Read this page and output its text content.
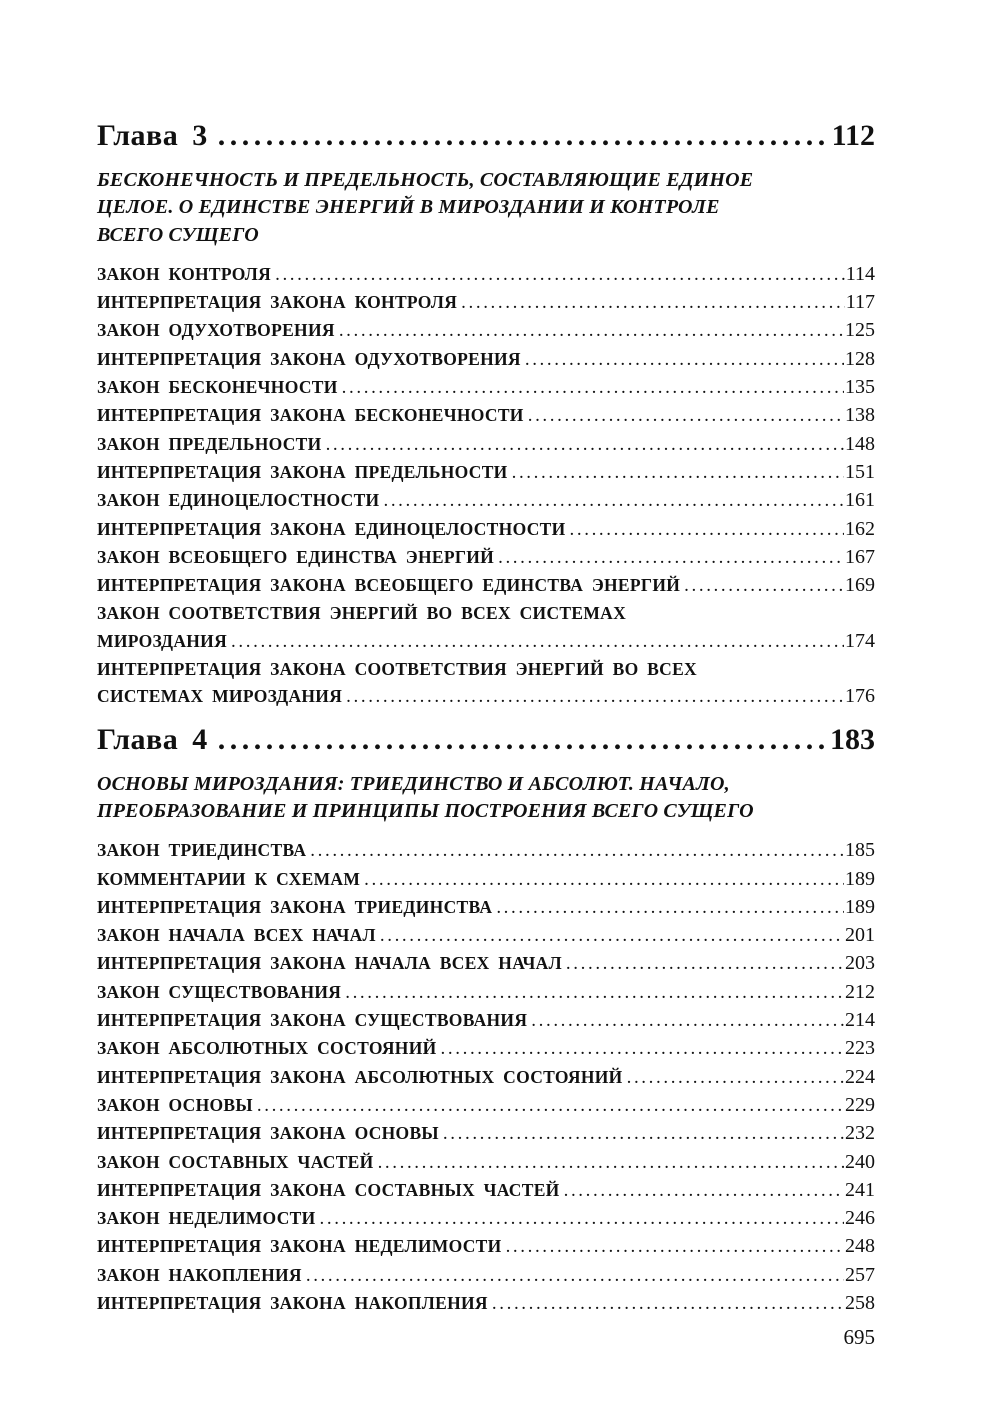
Глава 3 .....	112
БЕСКОНЕЧНОСТЬ И ПРЕДЕЛЬНОСТЬ, СОСТАВЛЯЮЩИЕ ЕДИНОЕ
ЦЕЛОЕ. О ЕДИНСТВЕ ЭНЕРГИЙ В МИРОЗДАНИИ И КОНТРОЛЕ
ВСЕГО СУЩЕГО
ЗАКОН КОНТРОЛЯ .....	114
ИНТЕРПРЕТАЦИЯ ЗАКОНА КОНТРОЛЯ .....	117
ЗАКОН ОДУХОТВОРЕНИЯ .....	125
ИНТЕРПРЕТАЦИЯ ЗАКОНА ОДУХОТВОРЕНИЯ .....	128
ЗАКОН БЕСКОНЕЧНОСТИ .....	135
ИНТЕРПРЕТАЦИЯ ЗАКОНА БЕСКОНЕЧНОСТИ .....	138
ЗАКОН ПРЕДЕЛЬНОСТИ .....	148
ИНТЕРПРЕТАЦИЯ ЗАКОНА ПРЕДЕЛЬНОСТИ .....	151
ЗАКОН ЕДИНОЦЕЛОСТНОСТИ .....	161
ИНТЕРПРЕТАЦИЯ ЗАКОНА ЕДИНОЦЕЛОСТНОСТИ .....	162
ЗАКОН ВСЕОБЩЕГО ЕДИНСТВА ЭНЕРГИЙ .....	167
ИНТЕРПРЕТАЦИЯ ЗАКОНА ВСЕОБЩЕГО ЕДИНСТВА ЭНЕРГИЙ .....	169
ЗАКОН СООТВЕТСТВИЯ ЭНЕРГИЙ ВО ВСЕХ СИСТЕМАХ
МИРОЗДАНИЯ .....	174
ИНТЕРПРЕТАЦИЯ ЗАКОНА СООТВЕТСТВИЯ ЭНЕРГИЙ ВО ВСЕХ
СИСТЕМАХ МИРОЗДАНИЯ .....	176
Глава 4 .....	183
ОСНОВЫ МИРОЗДАНИЯ: ТРИЕДИНСТВО И АБСОЛЮТ. НАЧАЛО,
ПРЕОБРАЗОВАНИЕ И ПРИНЦИПЫ ПОСТРОЕНИЯ ВСЕГО СУЩЕГО
ЗАКОН ТРИЕДИНСТВА .....	185
КОММЕНТАРИИ К СХЕМАМ .....	189
ИНТЕРПРЕТАЦИЯ ЗАКОНА ТРИЕДИНСТВА .....	189
ЗАКОН НАЧАЛА ВСЕХ НАЧАЛ .....	201
ИНТЕРПРЕТАЦИЯ ЗАКОНА НАЧАЛА ВСЕХ НАЧАЛ .....	203
ЗАКОН СУЩЕСТВОВАНИЯ .....	212
ИНТЕРПРЕТАЦИЯ ЗАКОНА СУЩЕСТВОВАНИЯ .....	214
ЗАКОН АБСОЛЮТНЫХ СОСТОЯНИЙ .....	223
ИНТЕРПРЕТАЦИЯ ЗАКОНА АБСОЛЮТНЫХ СОСТОЯНИЙ .....	224
ЗАКОН ОСНОВЫ .....	229
ИНТЕРПРЕТАЦИЯ ЗАКОНА ОСНОВЫ .....	232
ЗАКОН СОСТАВНЫХ ЧАСТЕЙ .....	240
ИНТЕРПРЕТАЦИЯ ЗАКОНА СОСТАВНЫХ ЧАСТЕЙ .....	241
ЗАКОН НЕДЕЛИМОСТИ .....	246
ИНТЕРПРЕТАЦИЯ ЗАКОНА НЕДЕЛИМОСТИ .....	248
ЗАКОН НАКОПЛЕНИЯ .....	257
ИНТЕРПРЕТАЦИЯ ЗАКОНА НАКОПЛЕНИЯ .....	258
695
